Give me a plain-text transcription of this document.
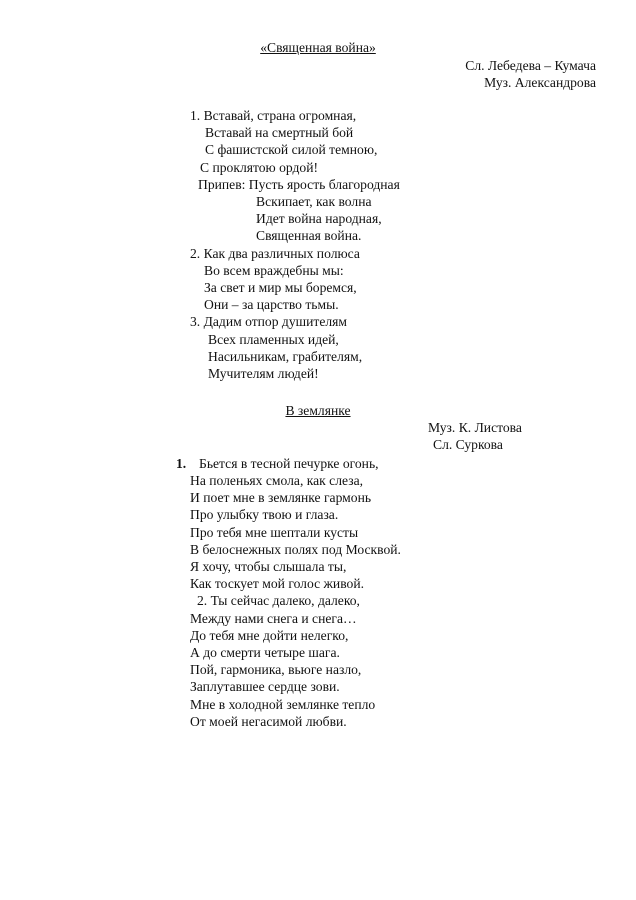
«Священная война»
Сл. Лебедева – Кумача
Муз. Александрова
1. Вставай, страна огромная,
Вставай на смертный бой
С фашистской силой темною,
С проклятою ордой!
Припев: Пусть ярость благородная
Вскипает, как волна
Идет война народная,
Священная война.
2. Как два различных полюса
Во всем враждебны мы:
За свет и мир мы боремся,
Они – за царство тьмы.
3. Дадим отпор душителям
Всех пламенных идей,
Насильникам, грабителям,
Мучителям людей!
В землянке
Муз. К. Листова
Сл. Суркова
1. Бьется в тесной печурке огонь,
На поленьях смола, как слеза,
И поет мне в землянке гармонь
Про улыбку твою и глаза.
Про тебя мне шептали кусты
В белоснежных полях под Москвой.
Я хочу, чтобы слышала ты,
Как тоскует мой голос живой.
2. Ты сейчас далеко, далеко,
Между нами снега и снега…
До тебя мне дойти нелегко,
А до смерти четыре шага.
Пой, гармоника, вьюге назло,
Заплутавшее сердце зови.
Мне в холодной землянке тепло
От моей негасимой любви.
